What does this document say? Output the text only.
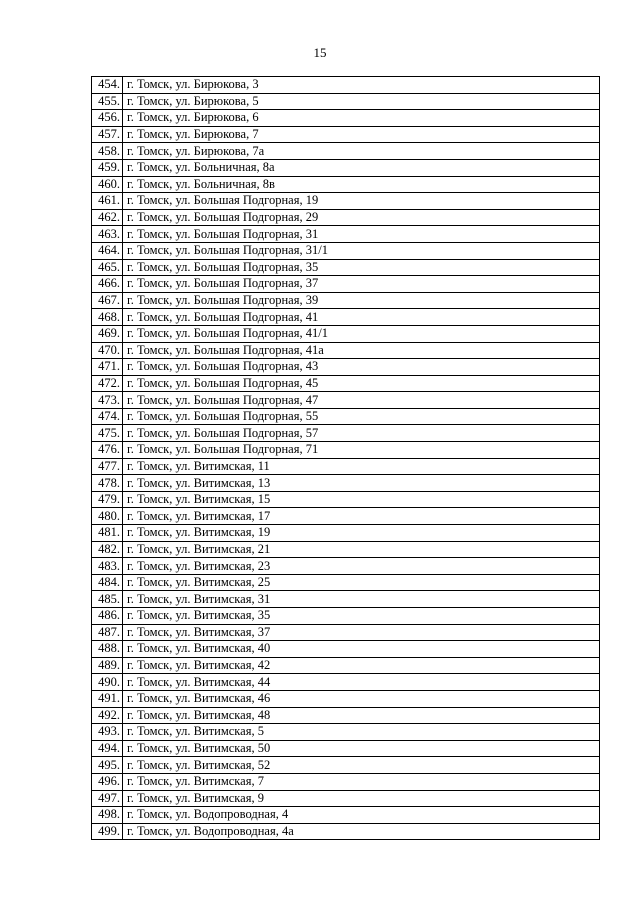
15
454.	г. Томск, ул. Бирюкова, 3
455.	г. Томск, ул. Бирюкова, 5
456.	г. Томск, ул. Бирюкова, 6
457.	г. Томск, ул. Бирюкова, 7
458.	г. Томск, ул. Бирюкова, 7а
459.	г. Томск, ул. Больничная, 8а
460.	г. Томск, ул. Больничная, 8в
461.	г. Томск, ул. Большая Подгорная, 19
462.	г. Томск, ул. Большая Подгорная, 29
463.	г. Томск, ул. Большая Подгорная, 31
464.	г. Томск, ул. Большая Подгорная, 31/1
465.	г. Томск, ул. Большая Подгорная, 35
466.	г. Томск, ул. Большая Подгорная, 37
467.	г. Томск, ул. Большая Подгорная, 39
468.	г. Томск, ул. Большая Подгорная, 41
469.	г. Томск, ул. Большая Подгорная, 41/1
470.	г. Томск, ул. Большая Подгорная, 41а
471.	г. Томск, ул. Большая Подгорная, 43
472.	г. Томск, ул. Большая Подгорная, 45
473.	г. Томск, ул. Большая Подгорная, 47
474.	г. Томск, ул. Большая Подгорная, 55
475.	г. Томск, ул. Большая Подгорная, 57
476.	г. Томск, ул. Большая Подгорная, 71
477.	г. Томск, ул. Витимская, 11
478.	г. Томск, ул. Витимская, 13
479.	г. Томск, ул. Витимская, 15
480.	г. Томск, ул. Витимская, 17
481.	г. Томск, ул. Витимская, 19
482.	г. Томск, ул. Витимская, 21
483.	г. Томск, ул. Витимская, 23
484.	г. Томск, ул. Витимская, 25
485.	г. Томск, ул. Витимская, 31
486.	г. Томск, ул. Витимская, 35
487.	г. Томск, ул. Витимская, 37
488.	г. Томск, ул. Витимская, 40
489.	г. Томск, ул. Витимская, 42
490.	г. Томск, ул. Витимская, 44
491.	г. Томск, ул. Витимская, 46
492.	г. Томск, ул. Витимская, 48
493.	г. Томск, ул. Витимская, 5
494.	г. Томск, ул. Витимская, 50
495.	г. Томск, ул. Витимская, 52
496.	г. Томск, ул. Витимская, 7
497.	г. Томск, ул. Витимская, 9
498.	г. Томск, ул. Водопроводная, 4
499.	г. Томск, ул. Водопроводная, 4а
